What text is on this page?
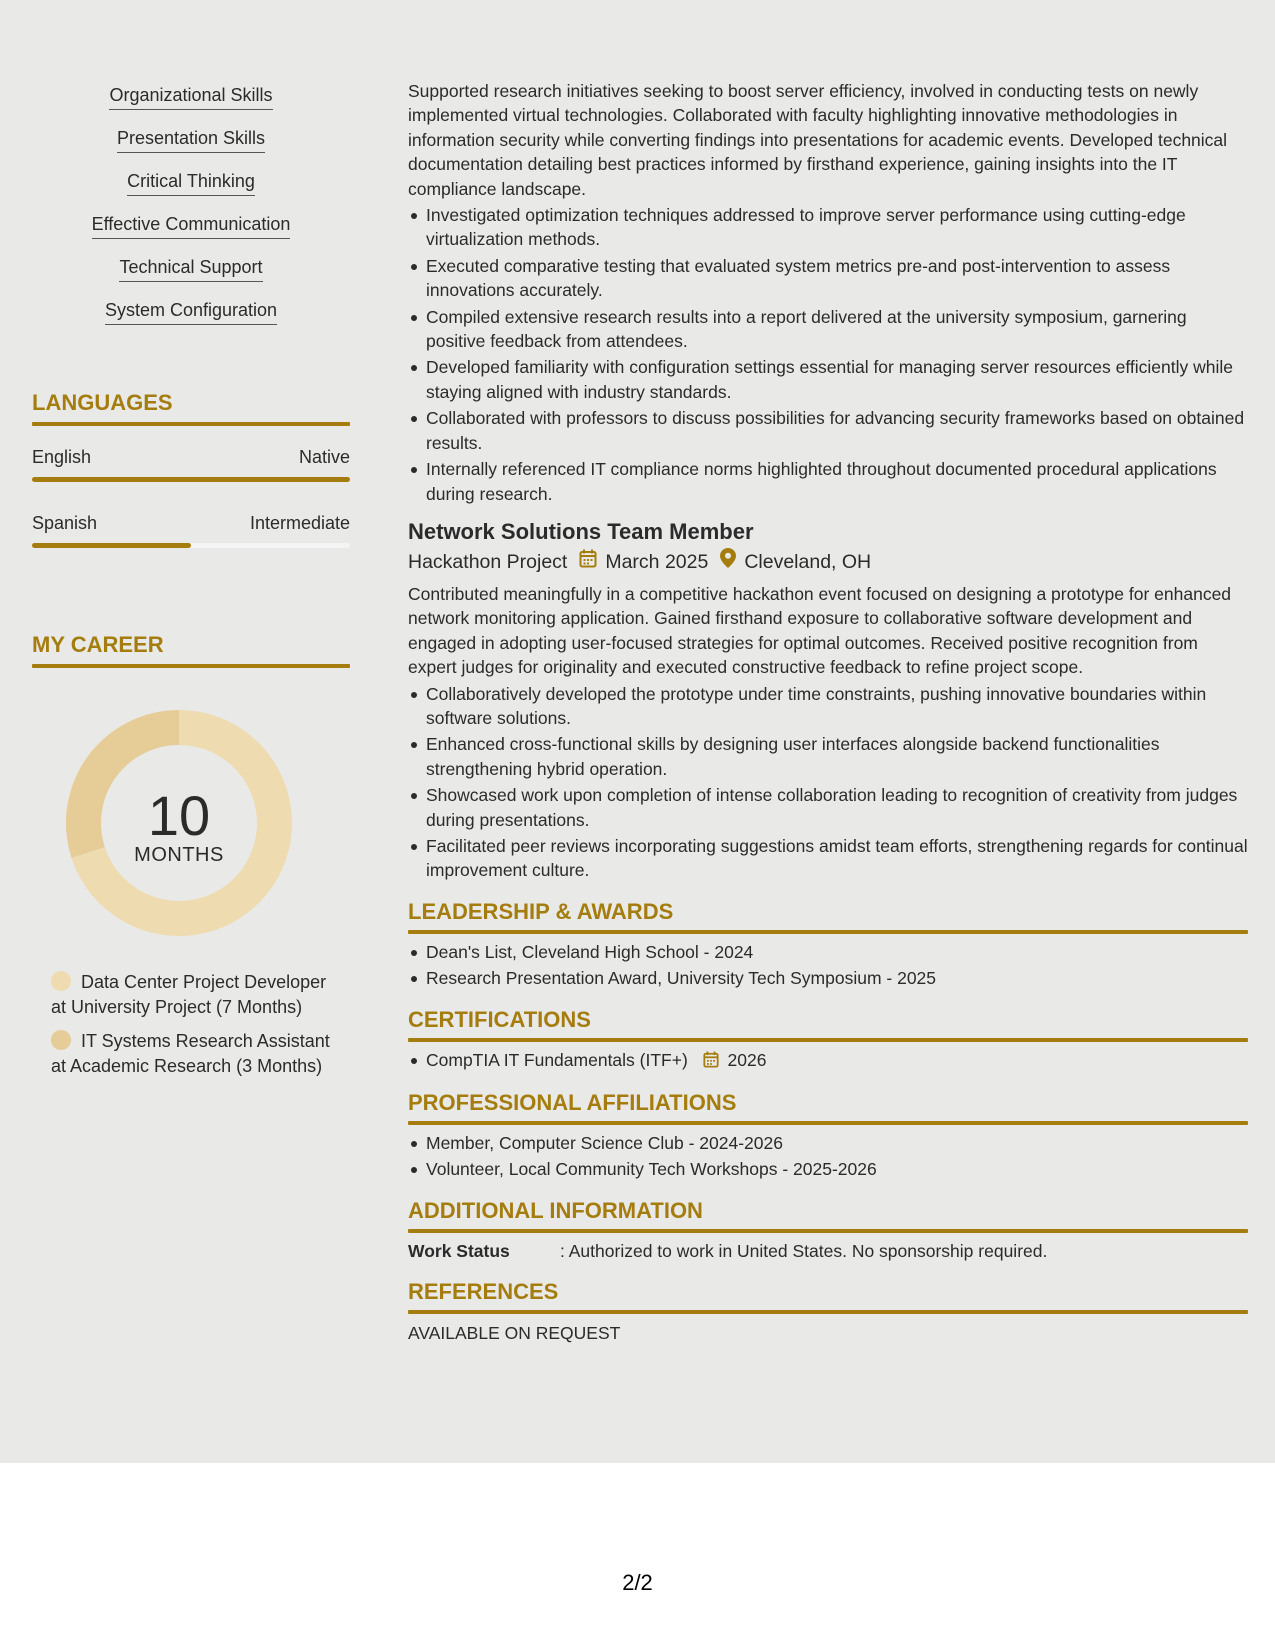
Organizational Skills
Presentation Skills
Critical Thinking
Effective Communication
Technical Support
System Configuration
LANGUAGES
English	Native
Spanish	Intermediate
MY CAREER
10
MONTHS
Data Center Project Developer at University Project (7 Months)
IT Systems Research Assistant at Academic Research (3 Months)
Supported research initiatives seeking to boost server efficiency, involved in conducting tests on newly implemented virtual technologies. Collaborated with faculty highlighting innovative methodologies in information security while converting findings into presentations for academic events. Developed technical documentation detailing best practices informed by firsthand experience, gaining insights into the IT compliance landscape.
Investigated optimization techniques addressed to improve server performance using cutting-edge virtualization methods.
Executed comparative testing that evaluated system metrics pre-and post-intervention to assess innovations accurately.
Compiled extensive research results into a report delivered at the university symposium, garnering positive feedback from attendees.
Developed familiarity with configuration settings essential for managing server resources efficiently while staying aligned with industry standards.
Collaborated with professors to discuss possibilities for advancing security frameworks based on obtained results.
Internally referenced IT compliance norms highlighted throughout documented procedural applications during research.
Network Solutions Team Member
Hackathon Project March 2025 Cleveland, OH
Contributed meaningfully in a competitive hackathon event focused on designing a prototype for enhanced network monitoring application. Gained firsthand exposure to collaborative software development and engaged in adopting user-focused strategies for optimal outcomes. Received positive recognition from expert judges for originality and executed constructive feedback to refine project scope.
Collaboratively developed the prototype under time constraints, pushing innovative boundaries within software solutions.
Enhanced cross-functional skills by designing user interfaces alongside backend functionalities strengthening hybrid operation.
Showcased work upon completion of intense collaboration leading to recognition of creativity from judges during presentations.
Facilitated peer reviews incorporating suggestions amidst team efforts, strengthening regards for continual improvement culture.
LEADERSHIP & AWARDS
Dean's List, Cleveland High School - 2024
Research Presentation Award, University Tech Symposium - 2025
CERTIFICATIONS
CompTIA IT Fundamentals (ITF+) 2026
PROFESSIONAL AFFILIATIONS
Member, Computer Science Club - 2024-2026
Volunteer, Local Community Tech Workshops - 2025-2026
ADDITIONAL INFORMATION
Work Status	: Authorized to work in United States. No sponsorship required.
REFERENCES
AVAILABLE ON REQUEST
2/2
